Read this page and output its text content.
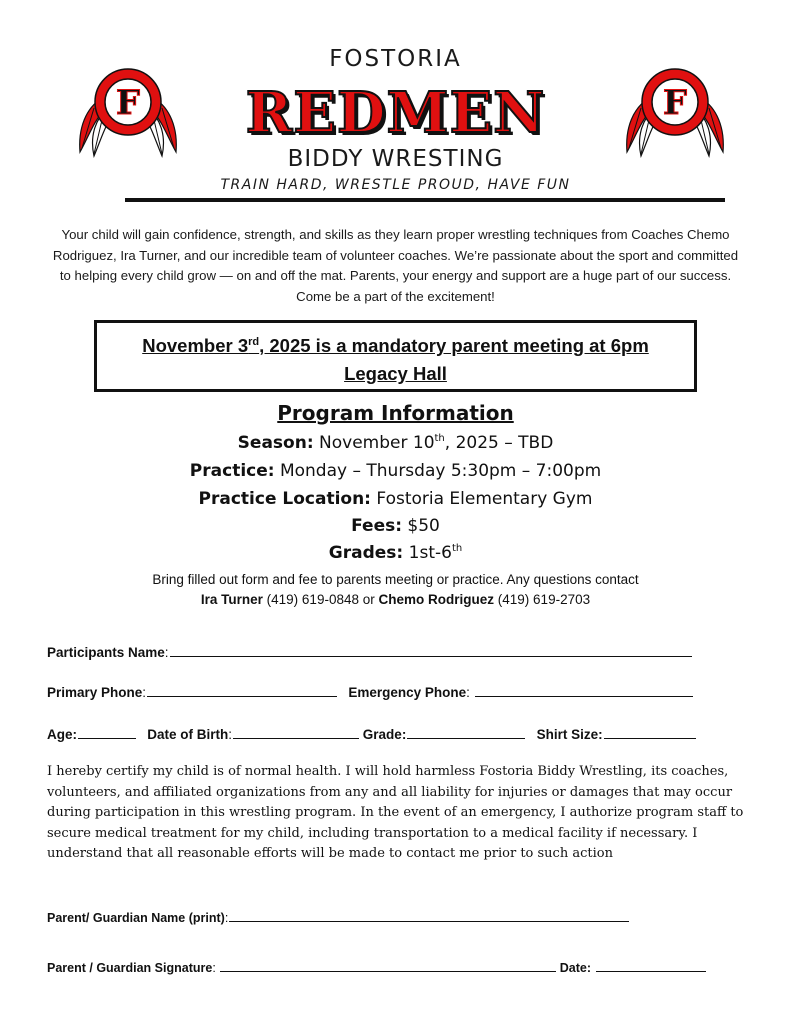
F	F
FOSTORIA
REDMEN
BIDDY WRESTING
TRAIN HARD, WRESTLE PROUD, HAVE FUN
Your child will gain confidence, strength, and skills as they learn proper wrestling techniques from Coaches Chemo Rodriguez, Ira Turner, and our incredible team of volunteer coaches. We’re passionate about the sport and committed to helping every child grow — on and off the mat. Parents, your energy and support are a huge part of our success. Come be a part of the excitement!
November 3rd, 2025 is a mandatory parent meeting at 6pm
Legacy Hall
Program Information
Season: November 10th, 2025 – TBD
Practice: Monday – Thursday 5:30pm – 7:00pm
Practice Location: Fostoria Elementary Gym
Fees: $50
Grades: 1st-6th
Bring filled out form and fee to parents meeting or practice. Any questions contact
Ira Turner (419) 619-0848 or Chemo Rodriguez (419) 619-2703
Participants Name:
Primary Phone:	Emergency Phone:
Age:	Date of Birth:	Grade:	Shirt Size:
I hereby certify my child is of normal health. I will hold harmless Fostoria Biddy Wrestling, its coaches, volunteers, and affiliated organizations from any and all liability for injuries or damages that may occur during participation in this wrestling program. In the event of an emergency, I authorize program staff to secure medical treatment for my child, including transportation to a medical facility if necessary. I understand that all reasonable efforts will be made to contact me prior to such action
Parent/ Guardian Name (print):
Parent / Guardian Signature:	Date:
